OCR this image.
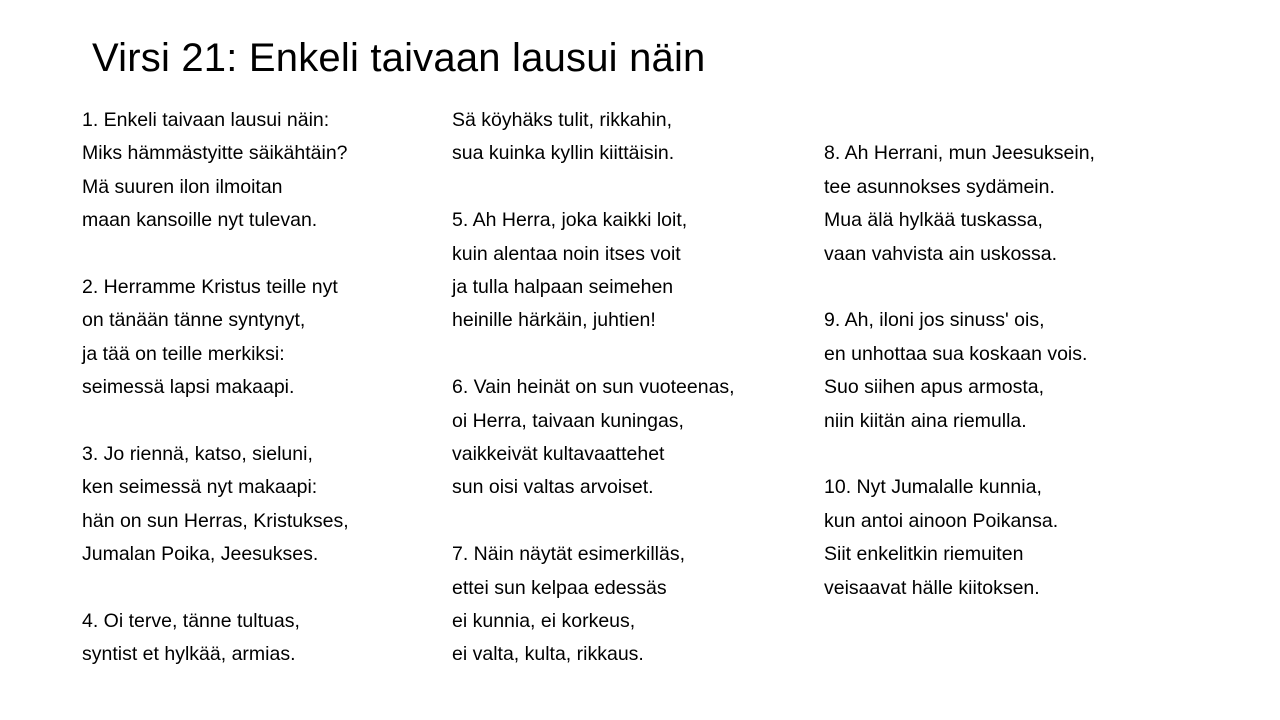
Virsi 21: Enkeli taivaan lausui näin
1. Enkeli taivaan lausui näin:
Miks hämmästyitte säikähtäin?
Mä suuren ilon ilmoitan
maan kansoille nyt tulevan.
2. Herramme Kristus teille nyt
on tänään tänne syntynyt,
ja tää on teille merkiksi:
seimessä lapsi makaapi.
3. Jo riennä, katso, sieluni,
ken seimessä nyt makaapi:
hän on sun Herras, Kristukses,
Jumalan Poika, Jeesukses.
4. Oi terve, tänne tultuas,
syntist et hylkää, armias.
Sä köyhäks tulit, rikkahin,
sua kuinka kyllin kiittäisin.
5. Ah Herra, joka kaikki loit,
kuin alentaa noin itses voit
ja tulla halpaan seimehen
heinille härkäin, juhtien!
6. Vain heinät on sun vuoteenas,
oi Herra, taivaan kuningas,
vaikkeivät kultavaattehet
sun oisi valtas arvoiset.
7. Näin näytät esimerkilläs,
ettei sun kelpaa edessäs
ei kunnia, ei korkeus,
ei valta, kulta, rikkaus.
8. Ah Herrani, mun Jeesuksein,
tee asunnokses sydämein.
Mua älä hylkää tuskassa,
vaan vahvista ain uskossa.
9. Ah, iloni jos sinuss' ois,
en unhottaa sua koskaan vois.
Suo siihen apus armosta,
niin kiitän aina riemulla.
10. Nyt Jumalalle kunnia,
kun antoi ainoon Poikansa.
Siit enkelitkin riemuiten
veisaavat hälle kiitoksen.
